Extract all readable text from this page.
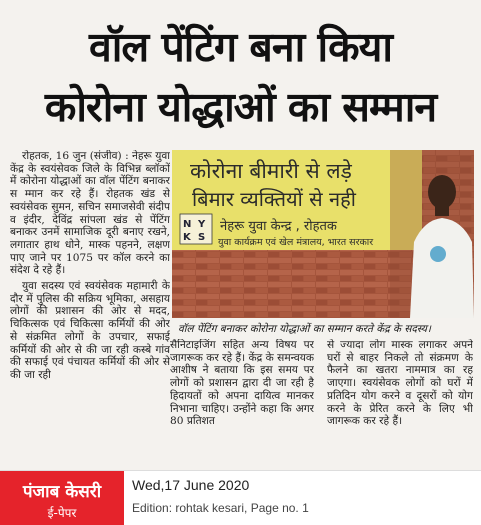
वॉल पेंटिंग बना किया
कोरोना योद्धाओं का सम्मान

रोहतक, 16 जुन (संजीव) : नेहरू युवा केंद्र के स्वयंसेवक जिले के विभिन्न ब्लॉकों में कोरोना योद्धाओं का वॉल पेंटिंग बनाकर स म्मान कर रहे हैं। रोहतक खंड से स्वयंसेवक सुमन, सचिन समाजसेवी संदीप व इंदीर, देविंद्र सांपला खंड से पेंटिंग बनाकर उनमें सामाजिक दूरी बनाए रखने, लगातार हाथ धोने, मास्क पहनने, लक्षण पाए जाने पर 1075 पर कॉल करने का संदेश दे रहे हैं।

युवा सदस्य एवं स्वयंसेवक महामारी के दौर में पुलिस की सक्रिय भूमिका, असहाय लोगों की प्रशासन की ओर से मदद, चिकित्सक एवं चिकित्सा कर्मियों की ओर से संक्रमित लोगों के उपचार, सफाई कर्मियों की ओर से की जा रही कस्बे गांव की सफाई एवं पंचायत कर्मियों की ओर से की जा रही

कोरोना बीमारी से लड़े
बिमार व्यक्तियों से नही
N Y
K S
नेहरू युवा केन्द्र , रोहतक
युवा कार्यक्रम एवं खेल मंत्रालय, भारत सरकार
वॉल पेंटिंग बनाकर कोरोना योद्धाओं का सम्मान करते केंद्र के सदस्य।
सैनिटाइजिंग सहित अन्य विषय पर जागरूक कर रहे हैं। केंद्र के समन्वयक आशीष ने बताया कि इस समय पर लोगों को प्रशासन द्वारा दी जा रही है हिदायतों को अपना दायित्व मानकर निभाना चाहिए। उन्होंने कहा कि अगर 80 प्रतिशत
से ज्यादा लोग मास्क लगाकर अपने घरों से बाहर निकले तो संक्रमण के फैलने का खतरा नाममात्र का रह जाएगा। स्वयंसेवक लोगों को घरों में प्रतिदिन योग करने व दूसरों को योग करने के प्रेरित करने के लिए भी जागरूक कर रहे हैं।
पंजाब केसरी
ई-पेपर
Wed,17 June 2020
Edition: rohtak kesari, Page no. 1
